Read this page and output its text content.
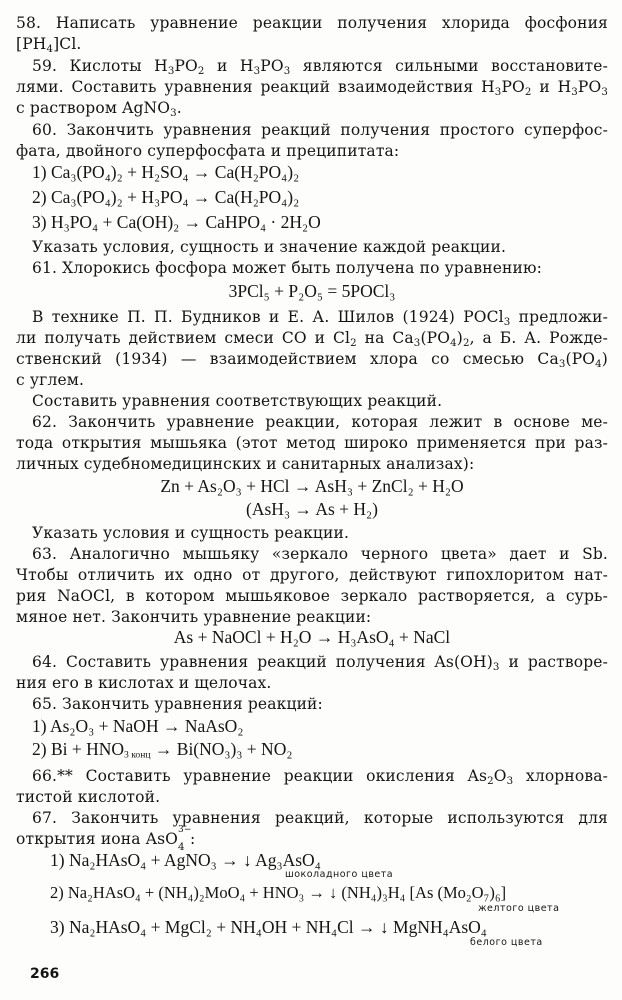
58. Написать уравнение реакции получения хлорида фосфония
$[PH_4]Cl$.
59. Кислоты $H_3PO_2$ и $H_3PO_3$ являются сильными восстановите-
лями. Составить уравнения реакций взаимодействия $H_3PO_2$ и $H_3PO_3$
с раствором AgNO$_3$.
60. Закончить уравнения реакций получения простого суперфос-
фата, двойного суперфосфата и преципитата:
1) Ca₃(PO₄)₂ + H₂SO₄ → Ca(H₂PO₄)₂
2) Ca₃(PO₄)₂ + H₃PO₄ → Ca(H₂PO₄)₂
3) H₃PO₄ + Ca(OH)₂ → CaHPO₄ · 2H₂O
Указать условия, сущность и значение каждой реакции.
61. Хлорокись фосфора может быть получена по уравнению:
3PCl₅ + P₂O₅ = 5POCl₃
В технике П. П. Будников и Е. А. Шилов (1924) POCl$_3$ предложи-
ли получать действием смеси CO и $Cl_2$ на $Ca_3(PO_4)_2$, а Б. А. Рожде-
ственский (1934) — взаимодействием хлора со смесью $Ca_3(PO_4)$
с углем.
Составить уравнения соответствующих реакций.
62. Закончить уравнение реакции, которая лежит в основе ме-
тода открытия мышьяка (этот метод широко применяется при раз-
личных судебномедицинских и санитарных анализах):
Zn + As₂O₃ + HCl → AsH₃ + ZnCl₂ + H₂O
(AsH₃ → As + H₂)
Указать условия и сущность реакции.
63. Аналогично мышьяку «зеркало черного цвета» дает и Sb.
Чтобы отличить их одно от другого, действуют гипохлоритом нат-
рия NaOCl, в котором мышьяковое зеркало растворяется, а сурь-
мяное нет. Закончить уравнение реакции:
As + NaOCl + H₂O → H₃AsO₄ + NaCl
64. Составить уравнения реакций получения $As(OH)_3$ и растворе-
ния его в кислотах и щелочах.
65. Закончить уравнения реакций:
1) As₂O₃ + NaOH → NaAsO₂
2) $Bi + HNO_{3 конц} \to Bi(NO_3)_3 + NO_2$
66.** Составить уравнение реакции окисления $As_2O_3$ хлорнова-
тистой кислотой.
67. Закончить уравнения реакций, которые используются для
открытия иона AsO 4
3−
:
1) Na₂HAsO₄ + AgNO₃ → ↓ Ag₃AsO₄
шоколадного цвета
2) Na₂HAsO₄ + (NH₄)₂MoO₄ + HNO₃ → ↓ (NH₄)₃H₄ [As (Mo₂O₇)₆]
желтого цвета
3) Na₂HAsO₄ + MgCl₂ + NH₄OH + NH₄Cl → ↓ MgNH₄AsO₄
белого цвета
266
